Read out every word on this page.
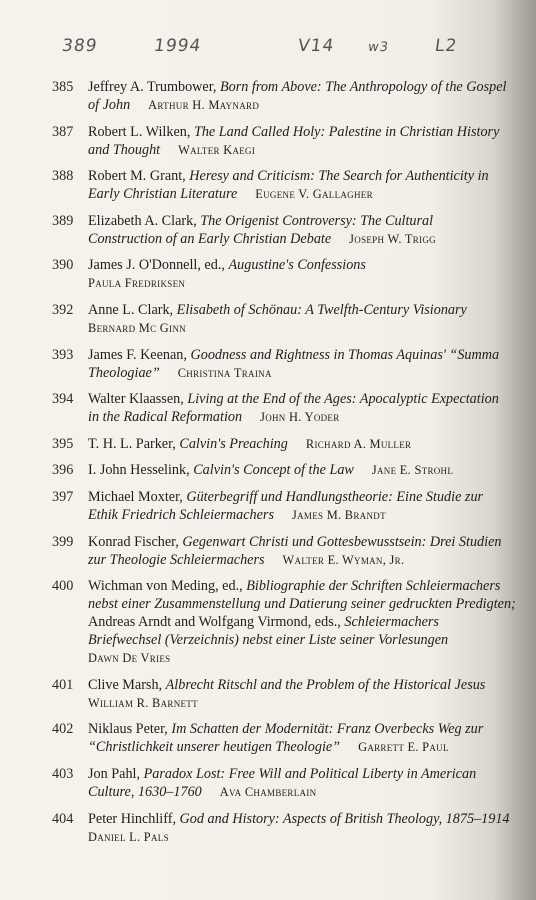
389	1994	V14 w3	L2
385	Jeffrey A. Trumbower, Born from Above: The Anthropology of the Gospel
of John Arthur H. Maynard
387	Robert L. Wilken, The Land Called Holy: Palestine in Christian History
and Thought Walter Kaegi
388	Robert M. Grant, Heresy and Criticism: The Search for Authenticity in
Early Christian Literature Eugene V. Gallagher
389	Elizabeth A. Clark, The Origenist Controversy: The Cultural
Construction of an Early Christian Debate Joseph W. Trigg
390	James J. O'Donnell, ed., Augustine's Confessions
Paula Fredriksen
392	Anne L. Clark, Elisabeth of Schönau: A Twelfth-Century Visionary
Bernard Mc Ginn
393	James F. Keenan, Goodness and Rightness in Thomas Aquinas' “Summa
Theologiae” Christina Traina
394	Walter Klaassen, Living at the End of the Ages: Apocalyptic Expectation
in the Radical Reformation John H. Yoder
395	T. H. L. Parker, Calvin's Preaching Richard A. Muller
396	I. John Hesselink, Calvin's Concept of the Law Jane E. Strohl
397	Michael Moxter, Güterbegriff und Handlungstheorie: Eine Studie zur
Ethik Friedrich Schleiermachers James M. Brandt
399	Konrad Fischer, Gegenwart Christi und Gottesbewusstsein: Drei Studien
zur Theologie Schleiermachers Walter E. Wyman, Jr.
400	Wichman von Meding, ed., Bibliographie der Schriften Schleiermachers
nebst einer Zusammenstellung und Datierung seiner gedruckten Predigten;
Andreas Arndt and Wolfgang Virmond, eds., Schleiermachers
Briefwechsel (Verzeichnis) nebst einer Liste seiner Vorlesungen
Dawn De Vries
401	Clive Marsh, Albrecht Ritschl and the Problem of the Historical Jesus
William R. Barnett
402	Niklaus Peter, Im Schatten der Modernität: Franz Overbecks Weg zur
“Christlichkeit unserer heutigen Theologie” Garrett E. Paul
403	Jon Pahl, Paradox Lost: Free Will and Political Liberty in American
Culture, 1630–1760 Ava Chamberlain
404	Peter Hinchliff, God and History: Aspects of British Theology, 1875–1914
Daniel L. Pals
